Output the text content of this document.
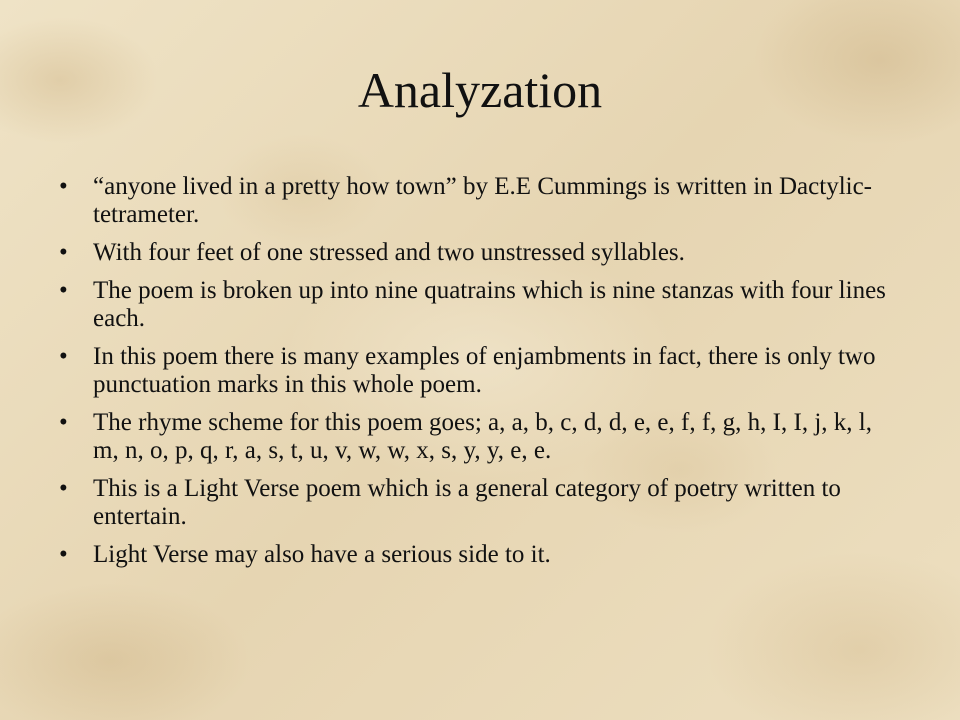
Analyzation
•	“anyone lived in a pretty how town” by E.E Cummings is written in Dactylic-tetrameter.
•	With four feet of one stressed and two unstressed syllables.
•	The poem is broken up into nine quatrains which is nine stanzas with four lines each.
•	In this poem there is many examples of enjambments in fact, there is only two punctuation marks in this whole poem.
•	The rhyme scheme for this poem goes; a, a, b, c, d, d, e, e, f, f, g, h, I, I, j, k, l, m, n, o, p, q, r, a, s, t, u, v, w, w, x, s, y, y, e, e.
•	This is a Light Verse poem which is a general category of poetry written to entertain.
•	Light Verse may also have a serious side to it.
